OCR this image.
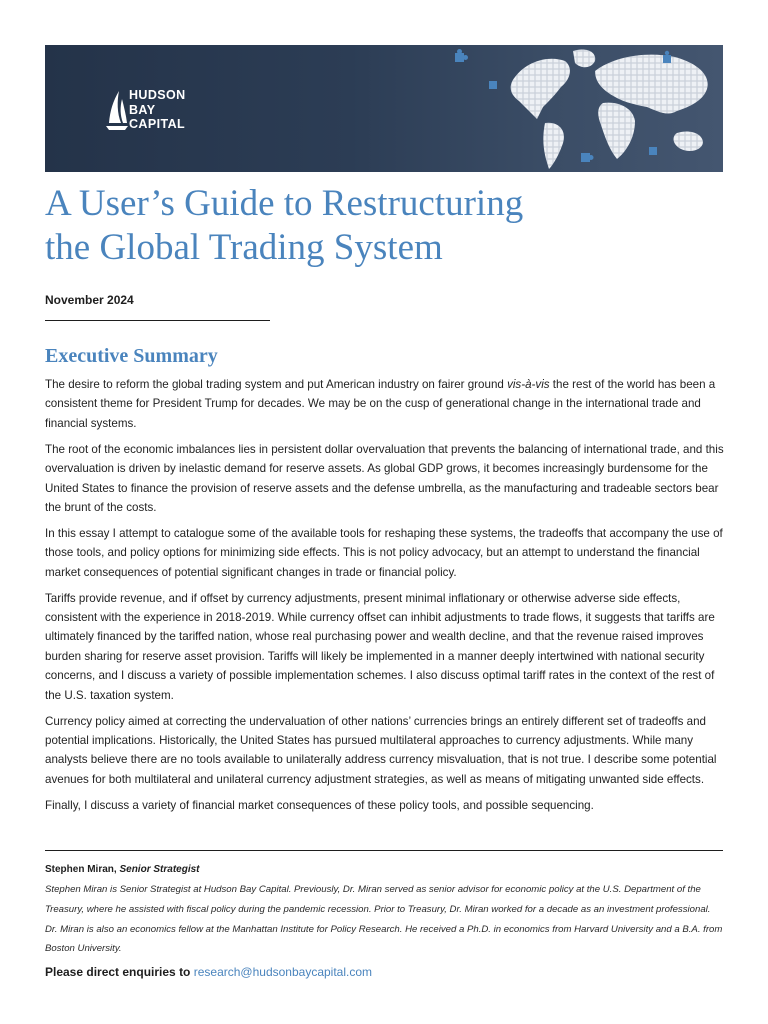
HUDSON
BAY
CAPITAL
A User’s Guide to Restructuring
the Global Trading System
November 2024
Executive Summary

The desire to reform the global trading system and put American industry on fairer ground vis-à-vis the rest of the world has been a consistent theme for President Trump for decades. We may be on the cusp of generational change in the international trade and financial systems.

The root of the economic imbalances lies in persistent dollar overvaluation that prevents the balancing of international trade, and this overvaluation is driven by inelastic demand for reserve assets. As global GDP grows, it becomes increasingly burdensome for the United States to finance the provision of reserve assets and the defense umbrella, as the manufacturing and tradeable sectors bear the brunt of the costs.

In this essay I attempt to catalogue some of the available tools for reshaping these systems, the tradeoffs that accompany the use of those tools, and policy options for minimizing side effects. This is not policy advocacy, but an attempt to understand the financial market consequences of potential significant changes in trade or financial policy.

Tariffs provide revenue, and if offset by currency adjustments, present minimal inflationary or otherwise adverse side effects, consistent with the experience in 2018-2019. While currency offset can inhibit adjustments to trade flows, it suggests that tariffs are ultimately financed by the tariffed nation, whose real purchasing power and wealth decline, and that the revenue raised improves burden sharing for reserve asset provision. Tariffs will likely be implemented in a manner deeply intertwined with national security concerns, and I discuss a variety of possible implementation schemes. I also discuss optimal tariff rates in the context of the rest of the U.S. taxation system.

Currency policy aimed at correcting the undervaluation of other nations’ currencies brings an entirely different set of tradeoffs and potential implications. Historically, the United States has pursued multilateral approaches to currency adjustments. While many analysts believe there are no tools available to unilaterally address currency misvaluation, that is not true. I describe some potential avenues for both multilateral and unilateral currency adjustment strategies, as well as means of mitigating unwanted side effects.

Finally, I discuss a variety of financial market consequences of these policy tools, and possible sequencing.

Stephen Miran, Senior Strategist
Stephen Miran is Senior Strategist at Hudson Bay Capital. Previously, Dr. Miran served as senior advisor for economic policy at the U.S. Department of the Treasury, where he assisted with fiscal policy during the pandemic recession. Prior to Treasury, Dr. Miran worked for a decade as an investment professional. Dr. Miran is also an economics fellow at the Manhattan Institute for Policy Research. He received a Ph.D. in economics from Harvard University and a B.A. from Boston University.
Please direct enquiries to research@hudsonbaycapital.com
